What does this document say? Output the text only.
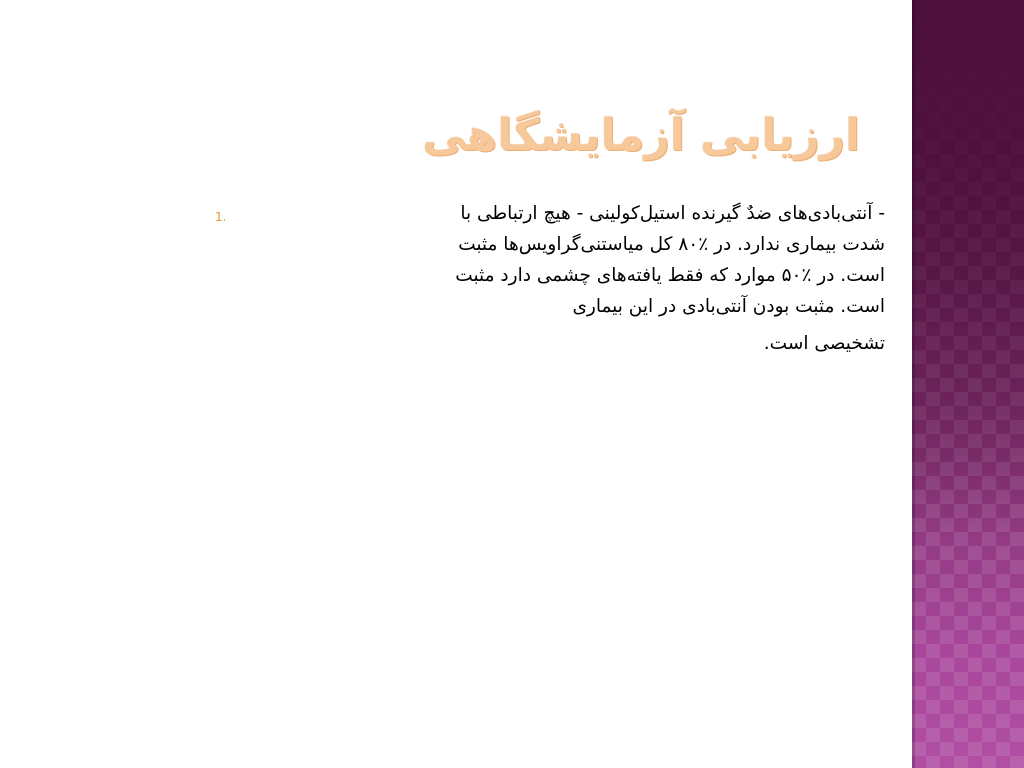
ارزیابی آزمایشگاهی
1.	- آنتی‌بادی‌های ضدٌ گیرنده استیل‌کولینی - هیچ ارتباطی با
شدت بیماری ندارد. در ٪۸۰ کل میاستنی‌گراویس‌ها مثبت
است. در ٪۵۰ موارد که فقط یافته‌های چشمی دارد مثبت
است. مثبت بودن آنتی‌بادی در این بیماری
تشخیصی است.
